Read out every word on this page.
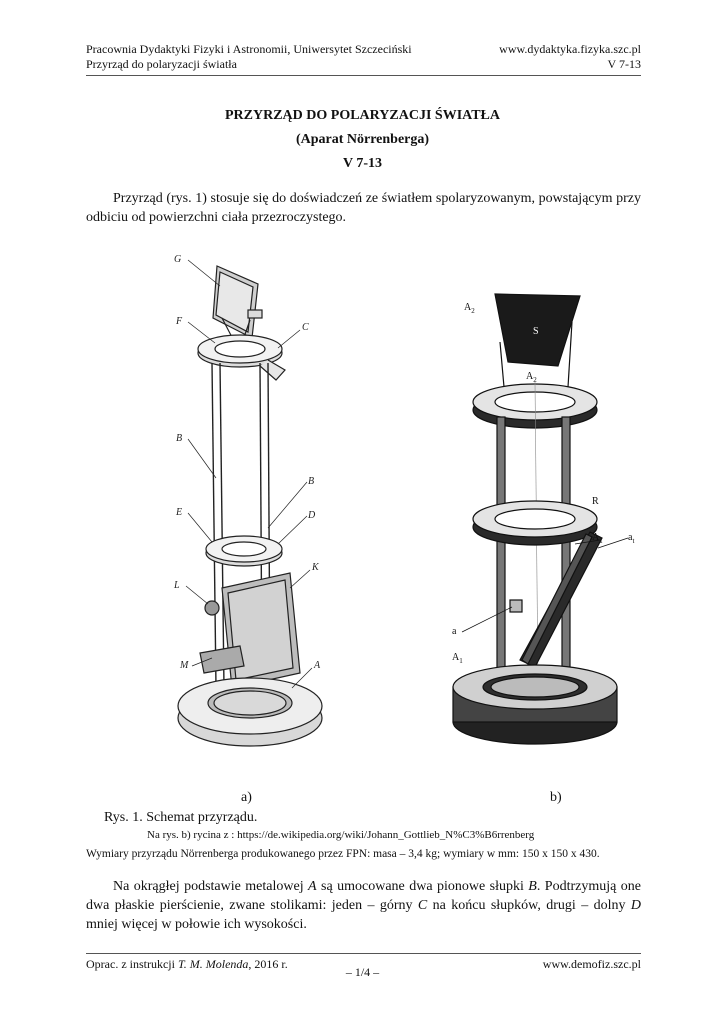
Pracownia Dydaktyki Fizyki i Astronomii, Uniwersytet Szczeciński
Przyrząd do polaryzacji światła
www.dydaktyka.fizyka.szc.pl
V 7-13
PRZYRZĄD DO POLARYZACJI ŚWIATŁA
(Aparat Nörrenberga)
V 7-13
Przyrząd (rys. 1) stosuje się do doświadczeń ze światłem spolaryzowanym, powstającym przy odbiciu od powierzchni ciała przezroczystego.
G
F
C
B
B
E	D
L
K
M	A
$A_2$
S
$A_2$
R
$A_1$	$a_t$
a
$A_1$
a)	b)
Rys. 1. Schemat przyrządu.
Na rys. b) rycina z : https://de.wikipedia.org/wiki/Johann_Gottlieb_N%C3%B6rrenberg
Wymiary przyrządu Nörrenberga produkowanego przez FPN: masa – 3,4 kg; wymiary w mm: 150 x 150 x 430.
Na okrągłej podstawie metalowej A są umocowane dwa pionowe słupki B. Podtrzymują one dwa płaskie pierścienie, zwane stolikami: jeden – górny C na końcu słupków, drugi – dolny D mniej więcej w połowie ich wysokości.
Oprac. z instrukcji T. M. Molenda, 2016 r.
– 1/4 –
www.demofiz.szc.pl
